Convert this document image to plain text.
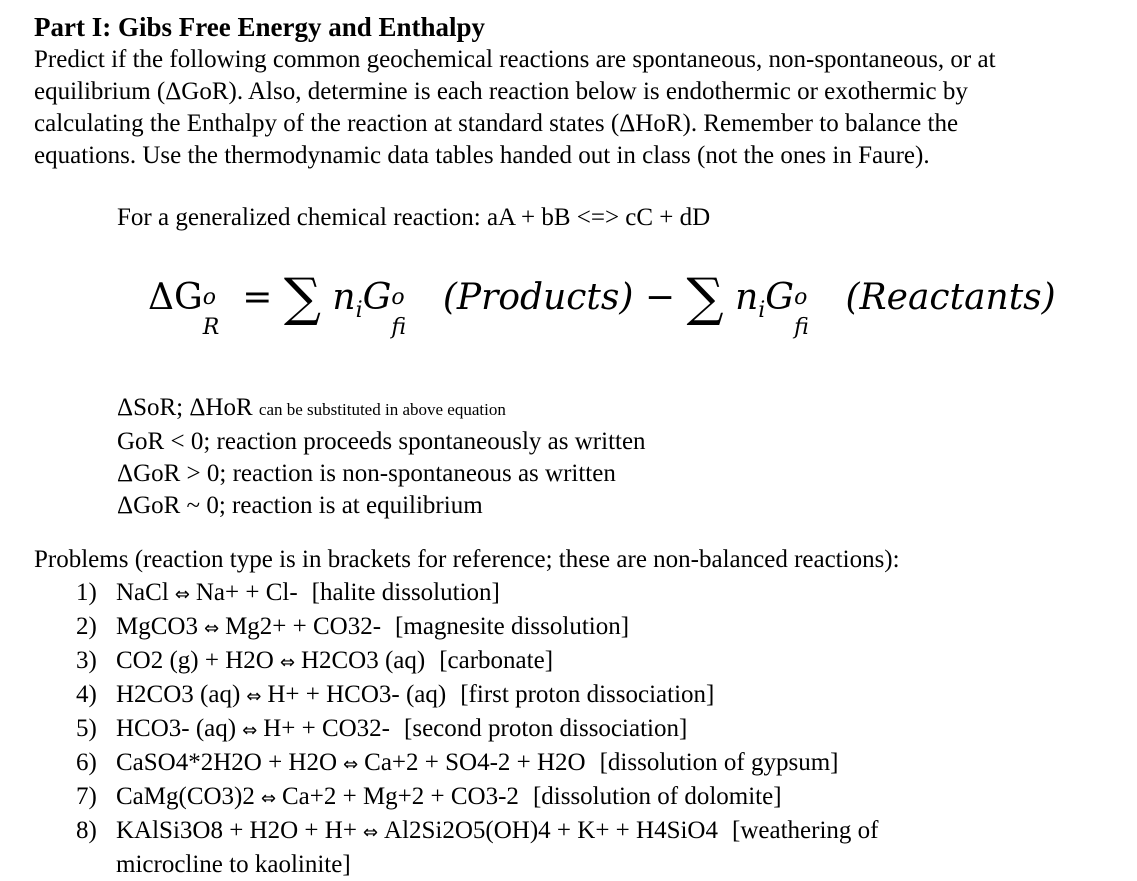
Part I: Gibs Free Energy and Enthalpy
Predict if the following common geochemical reactions are spontaneous, non-spontaneous, or at
equilibrium (ΔGoR). Also, determine is each reaction below is endothermic or exothermic by
calculating the Enthalpy of the reaction at standard states (ΔHoR). Remember to balance the
equations. Use the thermodynamic data tables handed out in class (not the ones in Faure).
For a generalized chemical reaction: aA + bB <=> cC + dD
ΔG o
R
= ∑ $n_iG$ o
fi
(Products) − ∑ $n_iG$ o
fi
(Reactants)
ΔSoR; ΔHoR can be substituted in above equation
GoR < 0; reaction proceeds spontaneously as written
ΔGoR > 0; reaction is non-spontaneous as written
ΔGoR ~ 0; reaction is at equilibrium
Problems (reaction type is in brackets for reference; these are non-balanced reactions):
1) NaCl ⇔ Na+ + Cl- [halite dissolution]
2) MgCO3 ⇔ Mg2+ + CO32- [magnesite dissolution]
3) CO2 (g) + H2O ⇔ H2CO3 (aq) [carbonate]
4) H2CO3 (aq) ⇔ H+ + HCO3- (aq) [first proton dissociation]
5) HCO3- (aq) ⇔ H+ + CO32- [second proton dissociation]
6) CaSO4*2H2O + H2O ⇔ Ca+2 + SO4-2 + H2O [dissolution of gypsum]
7) CaMg(CO3)2 ⇔ Ca+2 + Mg+2 + CO3-2 [dissolution of dolomite]
8) KAlSi3O8 + H2O + H+ ⇔ Al2Si2O5(OH)4 + K+ + H4SiO4 [weathering of
microcline to kaolinite]
